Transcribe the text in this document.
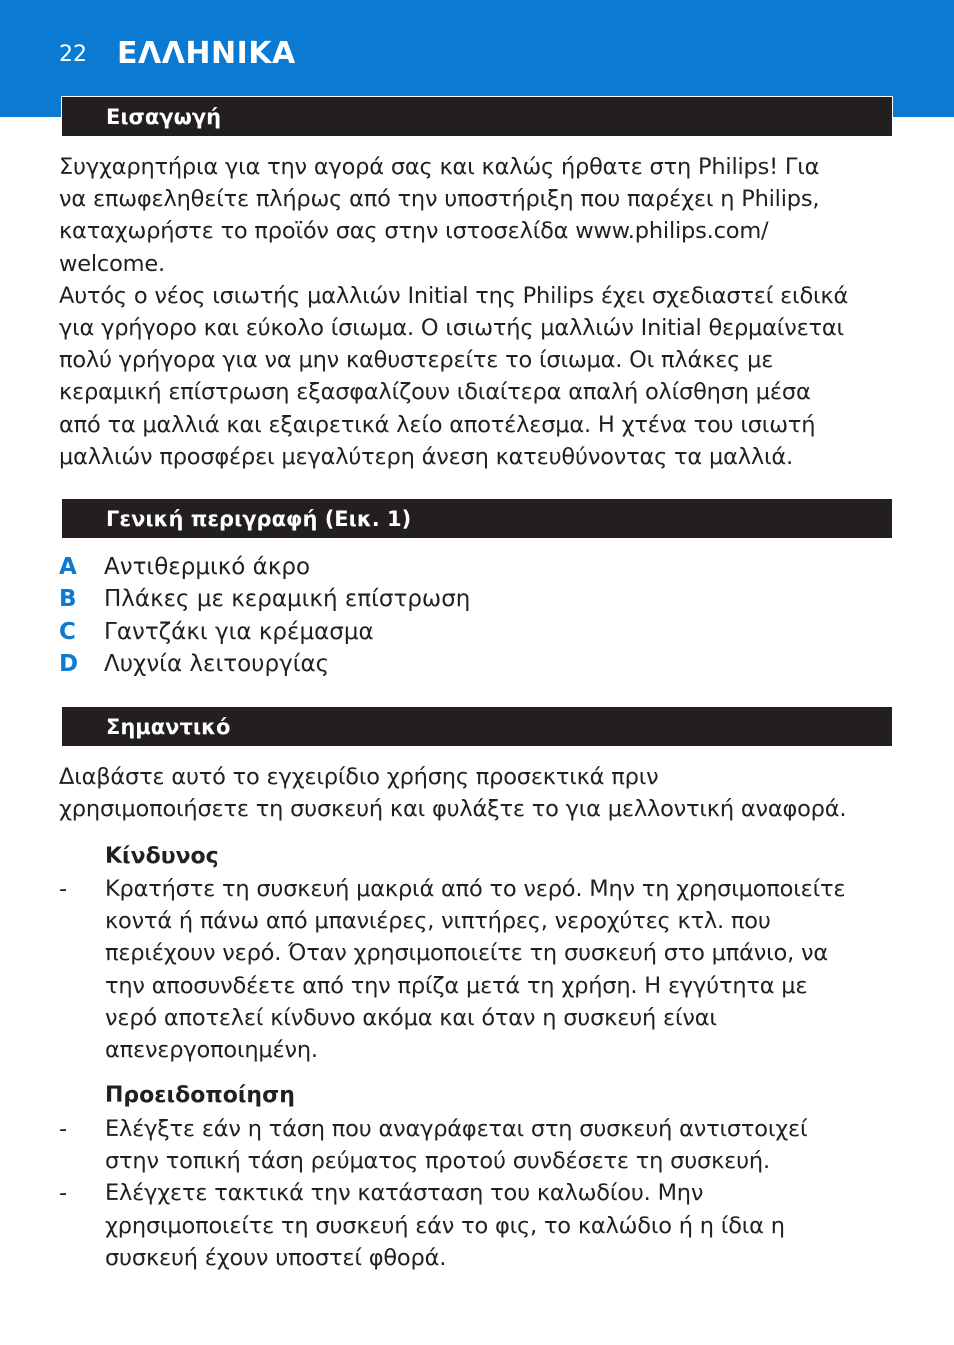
22 ΕΛΛΗΝΙΚΑ
Εισαγωγή

Συγχαρητήρια για την αγορά σας και καλώς ήρθατε στη Philips! Για
να επωφεληθείτε πλήρως από την υποστήριξη που παρέχει η Philips,
καταχωρήστε το προϊόν σας στην ιστοσελίδα www.philips.com/
welcome.

Αυτός ο νέος ισιωτής μαλλιών Initial της Philips έχει σχεδιαστεί ειδικά
για γρήγορο και εύκολο ίσιωμα. Ο ισιωτής μαλλιών Initial θερμαίνεται
πολύ γρήγορα για να μην καθυστερείτε το ίσιωμα. Οι πλάκες με
κεραμική επίστρωση εξασφαλίζουν ιδιαίτερα απαλή ολίσθηση μέσα
από τα μαλλιά και εξαιρετικά λείο αποτέλεσμα. Η χτένα του ισιωτή
μαλλιών προσφέρει μεγαλύτερη άνεση κατευθύνοντας τα μαλλιά.

Γενική περιγραφή (Εικ. 1)
A	Αντιθερμικό άκρο
B	Πλάκες με κεραμική επίστρωση
C	Γαντζάκι για κρέμασμα
D	Λυχνία λειτουργίας
Σημαντικό

Διαβάστε αυτό το εγχειρίδιο χρήσης προσεκτικά πριν
χρησιμοποιήσετε τη συσκευή και φυλάξτε το για μελλοντική αναφορά.

Κίνδυνος
-	Κρατήστε τη συσκευή μακριά από το νερό. Μην τη χρησιμοποιείτε
κοντά ή πάνω από μπανιέρες, νιπτήρες, νεροχύτες κτλ. που
περιέχουν νερό. Όταν χρησιμοποιείτε τη συσκευή στο μπάνιο, να
την αποσυνδέετε από την πρίζα μετά τη χρήση. Η εγγύτητα με
νερό αποτελεί κίνδυνο ακόμα και όταν η συσκευή είναι
απενεργοποιημένη.
Προειδοποίηση
-	Ελέγξτε εάν η τάση που αναγράφεται στη συσκευή αντιστοιχεί
στην τοπική τάση ρεύματος προτού συνδέσετε τη συσκευή.
-	Ελέγχετε τακτικά την κατάσταση του καλωδίου. Μην
χρησιμοποιείτε τη συσκευή εάν το φις, το καλώδιο ή η ίδια η
συσκευή έχουν υποστεί φθορά.
